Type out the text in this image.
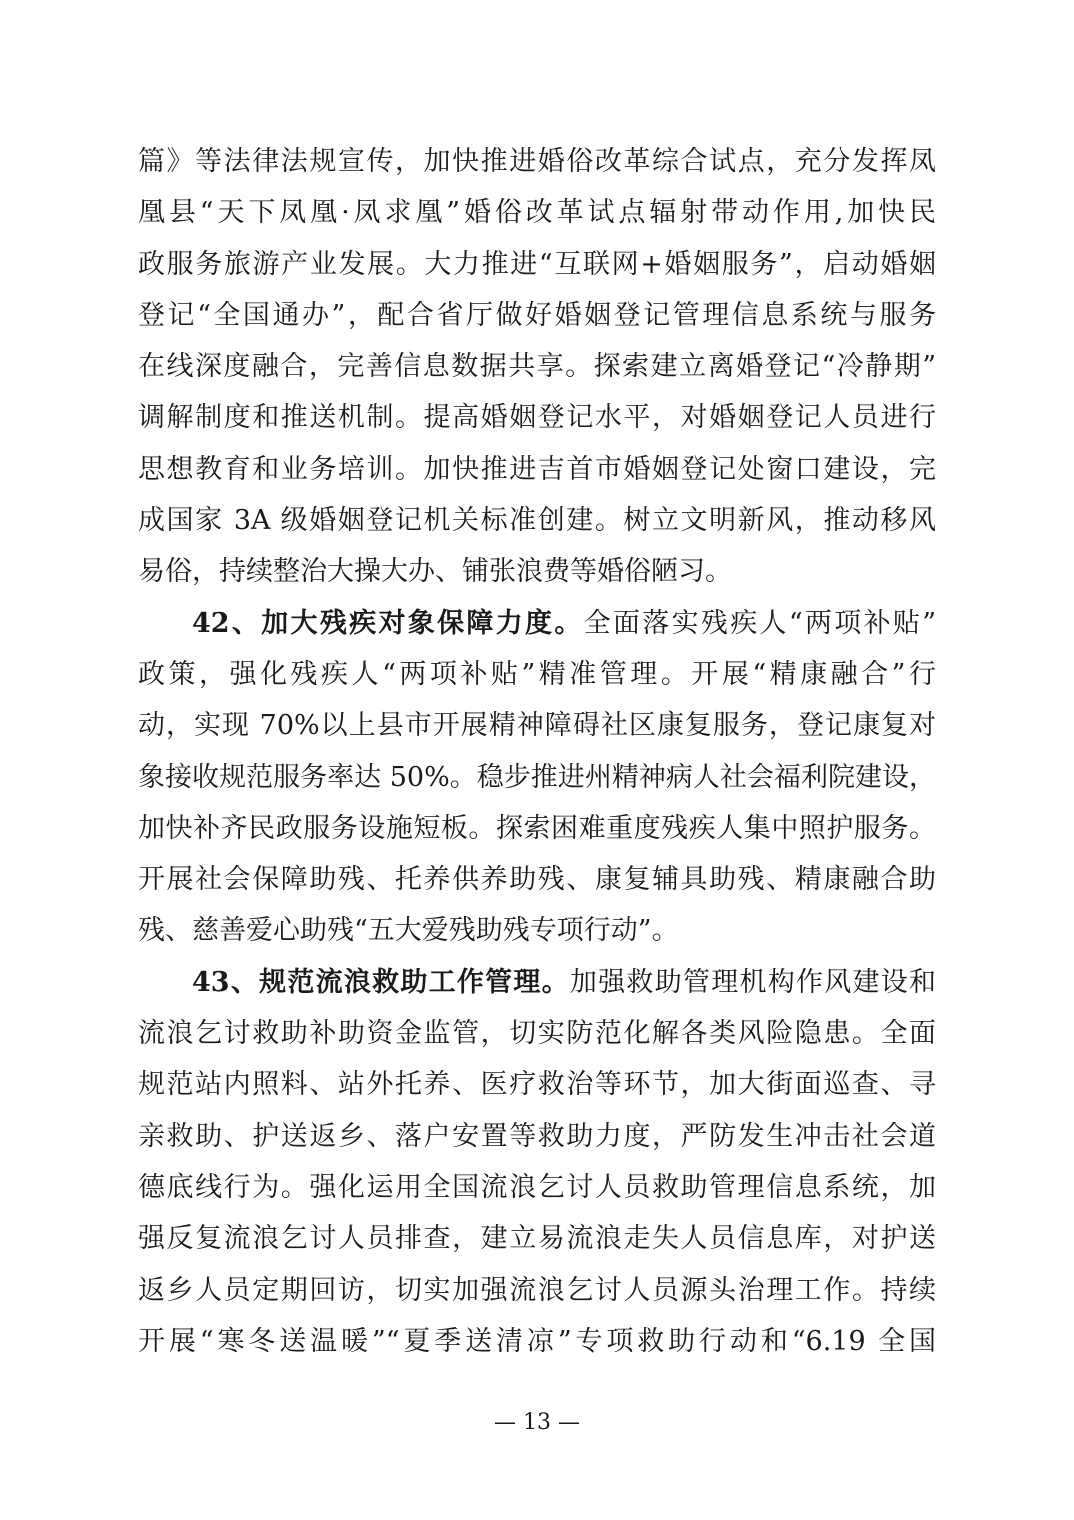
篇》等法律法规宣传，加快推进婚俗改革综合试点，充分发挥凤

凰县“天下凤凰·凤求凰”婚俗改革试点辐射带动作用,加快民

政服务旅游产业发展。大力推进“互联网+婚姻服务”，启动婚姻

登记“全国通办”，配合省厅做好婚姻登记管理信息系统与服务

在线深度融合，完善信息数据共享。探索建立离婚登记“冷静期”

调解制度和推送机制。提高婚姻登记水平，对婚姻登记人员进行

思想教育和业务培训。加快推进吉首市婚姻登记处窗口建设，完

成国家 3A 级婚姻登记机关标准创建。树立文明新风，推动移风

易俗，持续整治大操大办、铺张浪费等婚俗陋习。

42、加大残疾对象保障力度。全面落实残疾人“两项补贴”

政策，强化残疾人“两项补贴”精准管理。开展“精康融合”行

动，实现 70%以上县市开展精神障碍社区康复服务，登记康复对

象接收规范服务率达 50%。稳步推进州精神病人社会福利院建设，

加快补齐民政服务设施短板。探索困难重度残疾人集中照护服务。

开展社会保障助残、托养供养助残、康复辅具助残、精康融合助

残、慈善爱心助残“五大爱残助残专项行动”。

43、规范流浪救助工作管理。加强救助管理机构作风建设和

流浪乞讨救助补助资金监管，切实防范化解各类风险隐患。全面

规范站内照料、站外托养、医疗救治等环节，加大街面巡查、寻

亲救助、护送返乡、落户安置等救助力度，严防发生冲击社会道

德底线行为。强化运用全国流浪乞讨人员救助管理信息系统，加

强反复流浪乞讨人员排查，建立易流浪走失人员信息库，对护送

返乡人员定期回访，切实加强流浪乞讨人员源头治理工作。持续

开展“寒冬送温暖”“夏季送清凉”专项救助行动和“6.19 全国

— 13 —
